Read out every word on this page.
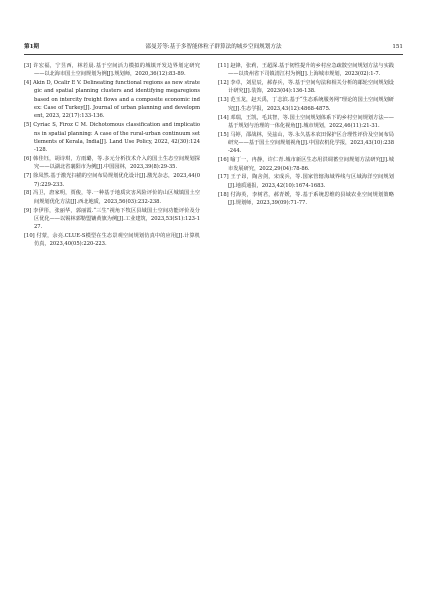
第1期	邵曼芳等:基于多智能体粒子群算法的城乡空间规划方法	151

[3] 许宏福，宁昱西，林若晨.基于空间活力模拟的城镇开发边界划定研究——以北海市国土空间规划为例[J].规划师，2020,36(12):83-89.

[4] Akin D, Ocalir E V. Delineating functional regions as new strategic and spatial planning clusters and identifying megaregions based on intercity freight flows and a composite economic index: Case of Turkey[J]. Journal of urban planning and development, 2023, 22(17):133-136.

[5] Cyriac S, Firoz C M. Dichotomous classification and implications in spatial planning: A case of the rural-urban continuum settlements of Kerala, India[J]. Land Use Policy, 2022, 42(30):124-128.

[6] 韩佳钰，胡诗琪，方雨璐，等.多元分析技术介入的国土生态空间规划探究——以湖北省襄阳市为例[J].中国园林，2023,39(8):29-35.

[7] 徐凤然.基于激光扫描的空间布局规划优化设计[J].激光杂志，2023,44(07):229-233.

[8] 冯卫，唐家明，贾俊，等.一种基于地质灾害风险评价的山区城镇国土空间规划优化方法[J].西北地质，2023,56(03):232-238.

[9] 李伊彤，张丽华，郭丽霞.“三生”视角下牧区县域国土空间功能评价及分区优化——以锡林郭勒盟镶黄旗为例[J].工业建筑，2023,53(S1):123-127.

[10] 付蒙，余亮.CLUE-S模型在生态景观空间规划仿真中的应用[J].计算机仿真，2023,40(05):220-223.

[11] 赵锋，张莉，王超深.基于韧性提升的乡村应急疏散空间规划方法与实践——以贵州省下司镇清江村为例[J].上海城市规划，2023(02):1-7.

[12] 李卓，刘星辰，郝春兵，等.基于空间句法和相关分析的邮轮空间规划设计研究[J].装饰，2023(04):136-138.

[13] 范玉龙，赵天禹，丁志滨.基于“生态系统服务网”理论的国土空间规划研究[J].生态学报，2023,43(12):4868-4875.

[14] 邓瑞，王凯，毛其智，等.国土空间规划体系下的乡村空间规划方法——基于规划与治理的一体化视角[J].城市规划，2022,46(11):21-31.

[15] 马婷，邵战林，吴兹山，等.永久基本农田保护区合理性评价及空间布局研究——基于国土空间规划视角[J].中国农机化学报，2023,43(10):238-244.

[16] 喻丁一，冉静，许仁青.城市新区生态用洪调蓄空间规划方法研究[J].城市发展研究，2022,29(04):78-86.

[17] 王子昂，陶舍剑，宋成兵，等.国家管辖海域界线与区域海洋空间规划[J].地质通报，2023,42(10):1674-1683.

[18] 付海英，李树君，郝青媛，等.基于系统思维的县域农业空间规划策略[J].规划师，2023,39(09):71-77.
